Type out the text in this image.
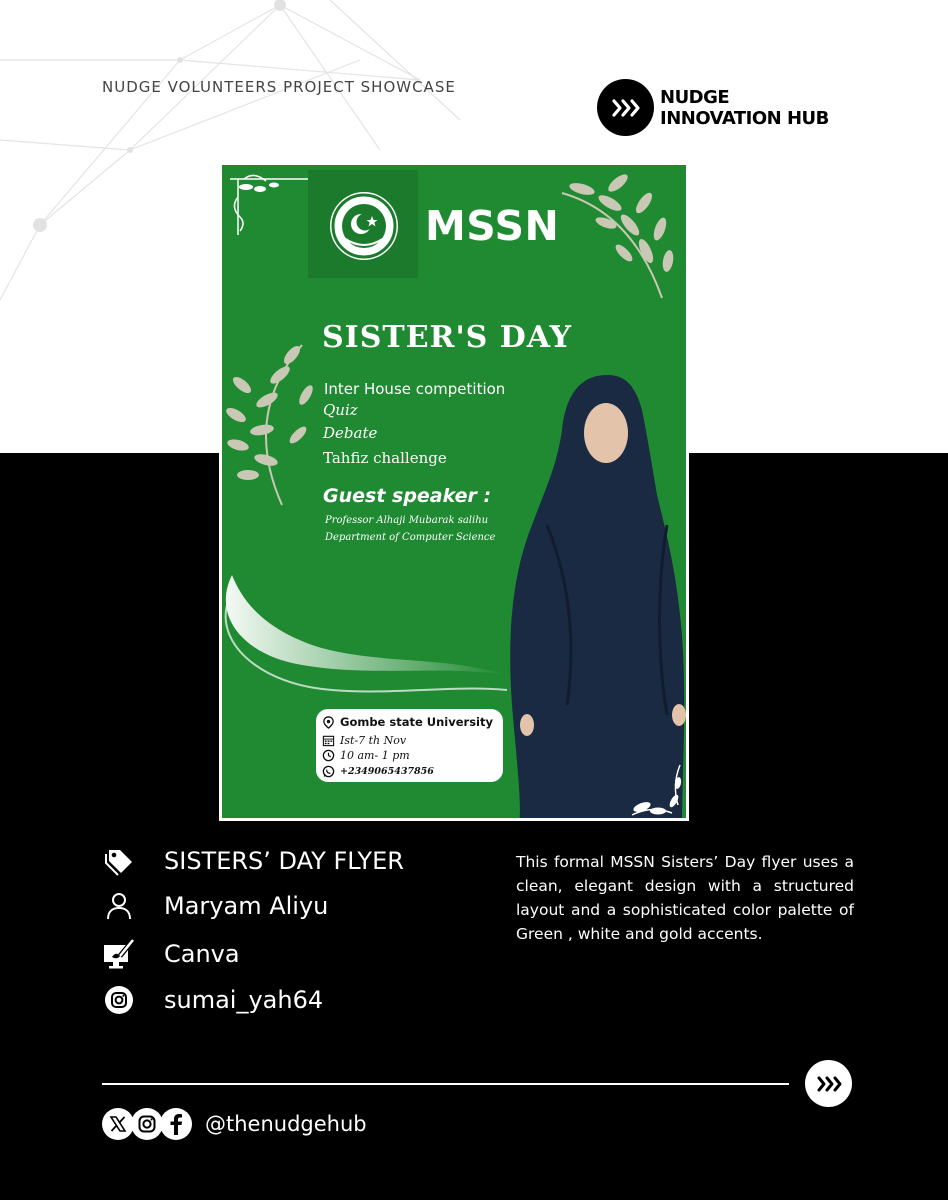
NUDGE VOLUNTEERS PROJECT SHOWCASE	NUDGE
INNOVATION HUB
MSSN
SISTER'S DAY
Inter House competition
Quiz
Debate
Tahfiz challenge
Guest speaker :
Professor Alhaji Mubarak salihu
Department of Computer Science
Gombe state University
Ist-7 th Nov
10 am- 1 pm
+2349065437856
SISTERS’ DAY FLYER
Maryam Aliyu
Canva
sumai_yah64
This formal MSSN Sisters’ Day flyer uses a clean, elegant design with a structured layout and a sophisticated color palette of Green , white and gold accents.
@thenudgehub
